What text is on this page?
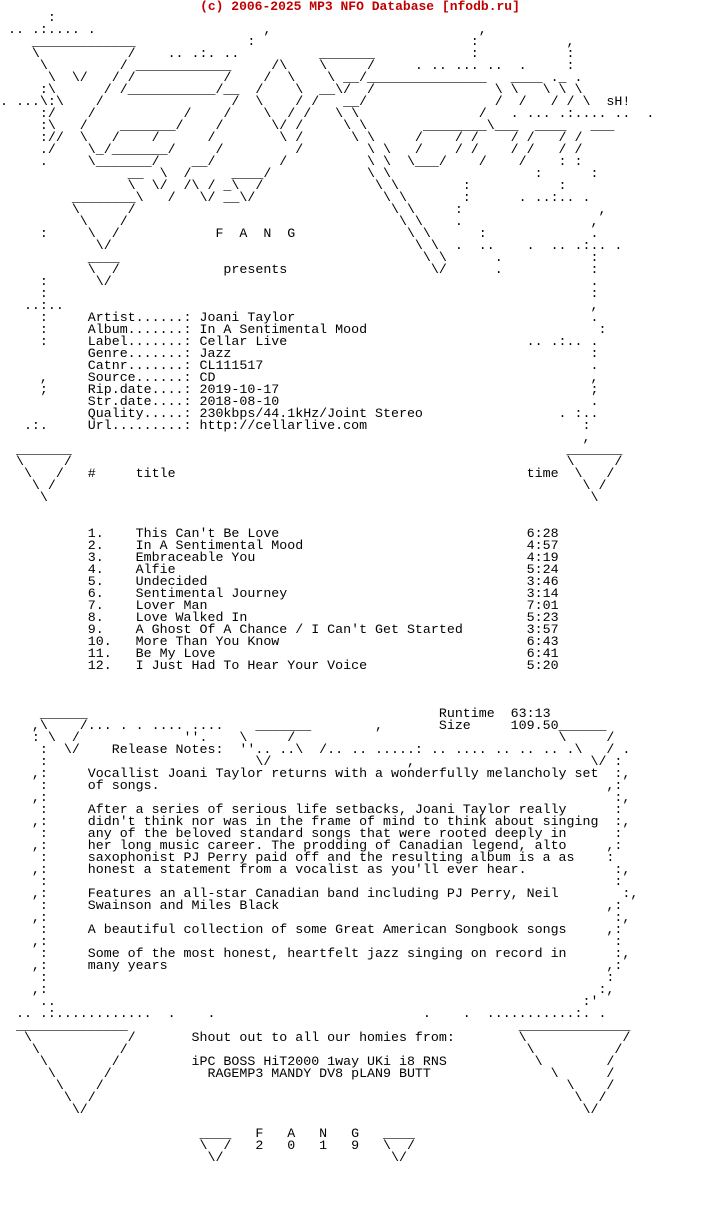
(c) 2006-2025 MP3 NFO Database [nfodb.ru]
:
.. .:.... .                     ,                          ,
_____________              :                           :           ,
\           /    .. .:. ..          _______            :           :
\         / ____________     /\    \     /     . .. ... ..  .     :
\  \/   / /           /    /  \    \ __/_______________   ____ ._ .
:\      / /___________/__  /    \  __\/  /               \ \   \ \ \
. ...\:\    /                /  \    / /   __/                /  /   / / \  sH!
:/    /           /    /    \  / /   \ \               /   . ... .:.... ..  .
:\   /    _______/    /      \/ /     \ \       ________\___  ____   ___
://  \   /    /      /        \ /      \ \     /    / /    / /   / /
./    \_/_______/     /         /        \ \   /    / /    / /   / /
.     \_______/    __/        /          \ \  \___/    /    /    : :
__  \  /     ____/            \ \                  :      :
\  \/  /\ / _\  /              \ \        :           :
________\   /   \/ __\/                \ \       :      . ..:.. .
\      /                                \ \     :                 ,
\    /                                  \ \    .                ,
:     \  /            F  A  N  G              \ \      :             .
\/                                      \ \  .  ..    .  .. .:.. .
____                                      \ \      .           :
\  /             presents                  \/      .           :
:      \/                                                            .
:                                                                    :
..:..                                                                  ,
:     Artist......: Joani Taylor                                     .
:     Album.......: In A Sentimental Mood                             :
:     Label.......: Cellar Live                              .. .:.. .
Genre.......: Jazz                                             :
Catnr.......: CL111517                                         .
,     Source......: CD                                               ,
;     Rip.date....: 2019-10-17                                       ;
Str.date....: 2018-08-10                                       .
Quality.....: 230kbps/44.1kHz/Joint Stereo                 . :..
.:.     Url.........: http://cellarlive.com                           :
,
_______                                                              _______
\     /                                                              \     /
\   /   #     title                                            time  \   /
\ /                                                                  \ /
\                                                                    \

1.    This Can't Be Love                               6:28
2.    In A Sentimental Mood                            4:57
3.    Embraceable You                                  4:19
4.    Alfie                                            5:24
5.    Undecided                                        3:46
6.    Sentimental Journey                              3:14
7.    Lover Man                                        7:01
8.    Love Walked In                                   5:23
9.    A Ghost Of A Chance / I Can't Get Started        3:57
10.   More Than You Know                               6:43
11.   Be My Love                                       6:41
12.   I Just Had To Hear Your Voice                    5:20

______                                            Runtime  63:13
,\    /... . . .... ....    _______        ,       Size     109.50______
: \  /             ''.    \     /                                 \     /
:  \/    Release Notes:  ''.. ..\  /.. .. .....: .. .... .. .. .. .\   / .
:                          \/                 ,                      \/ :
,:     Vocallist Joani Taylor returns with a wonderfully melancholy set  :,
:     of songs.                                                        ,:
,:                                                                       :,
:     After a series of serious life setbacks, Joani Taylor really      :
,:     didn't think nor was in the frame of mind to think about singing  :,
:     any of the beloved standard songs that were rooted deeply in      :
,:     her long music career. The prodding of Canadian legend, alto     ,:
:     saxophonist PJ Perry paid off and the resulting album is a as    :
,:     honest a statement from a vocalist as you'll ever hear.           :,
:                                                                       :
,:     Features an all-star Canadian band including PJ Perry, Neil        :,
:     Swainson and Miles Black                                         ,:
,:                                                                       :,
:     A beautiful collection of some Great American Songbook songs     ,:
,:                                                                       :
:     Some of the most honest, heartfelt jazz singing on record in      :,
,:     many years                                                       ,:
:                                                                      :
,:                                                                     :,
..                                                                  :'
.. .:............  .    .                          .    .  ...........:. .
______________                                                 ______________
\            /       Shout out to all our homies from:        \            /
\          /                                                  \          /
\        /         iPC BOSS HiT2000 1way UKi i8 RNS           \        /
\      /            RAGEMP3 MANDY DV8 pLAN9 BUTT               \      /
\    /                                                          \    /
\  /                                                            \  /
\/                                                              \/

____   F   A   N   G   ____
\  /   2   0   1   9   \  /
\/                     \/
